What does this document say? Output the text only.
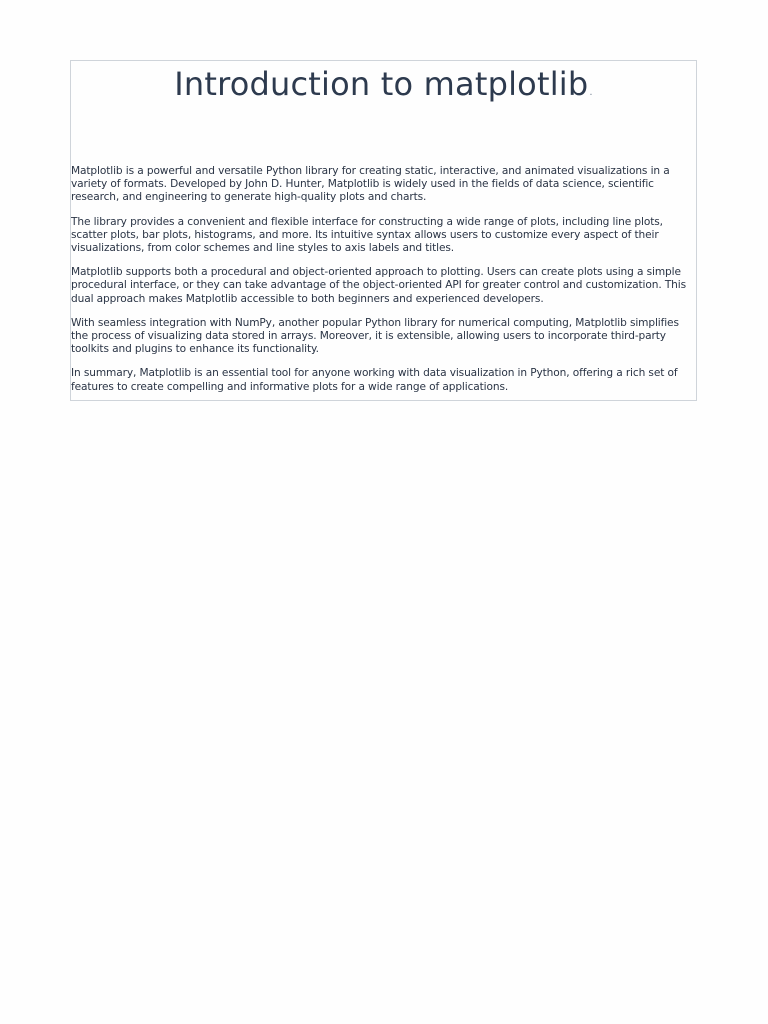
Introduction to matplotlib.

Matplotlib is a powerful and versatile Python library for creating static, interactive, and animated visualizations in a variety of formats. Developed by John D. Hunter, Matplotlib is widely used in the fields of data science, scientific research, and engineering to generate high-quality plots and charts.

The library provides a convenient and flexible interface for constructing a wide range of plots, including line plots, scatter plots, bar plots, histograms, and more. Its intuitive syntax allows users to customize every aspect of their visualizations, from color schemes and line styles to axis labels and titles.

Matplotlib supports both a procedural and object-oriented approach to plotting. Users can create plots using a simple procedural interface, or they can take advantage of the object-oriented API for greater control and customization. This dual approach makes Matplotlib accessible to both beginners and experienced developers.

With seamless integration with NumPy, another popular Python library for numerical computing, Matplotlib simplifies the process of visualizing data stored in arrays. Moreover, it is extensible, allowing users to incorporate third-party toolkits and plugins to enhance its functionality.

In summary, Matplotlib is an essential tool for anyone working with data visualization in Python, offering a rich set of features to create compelling and informative plots for a wide range of applications.
